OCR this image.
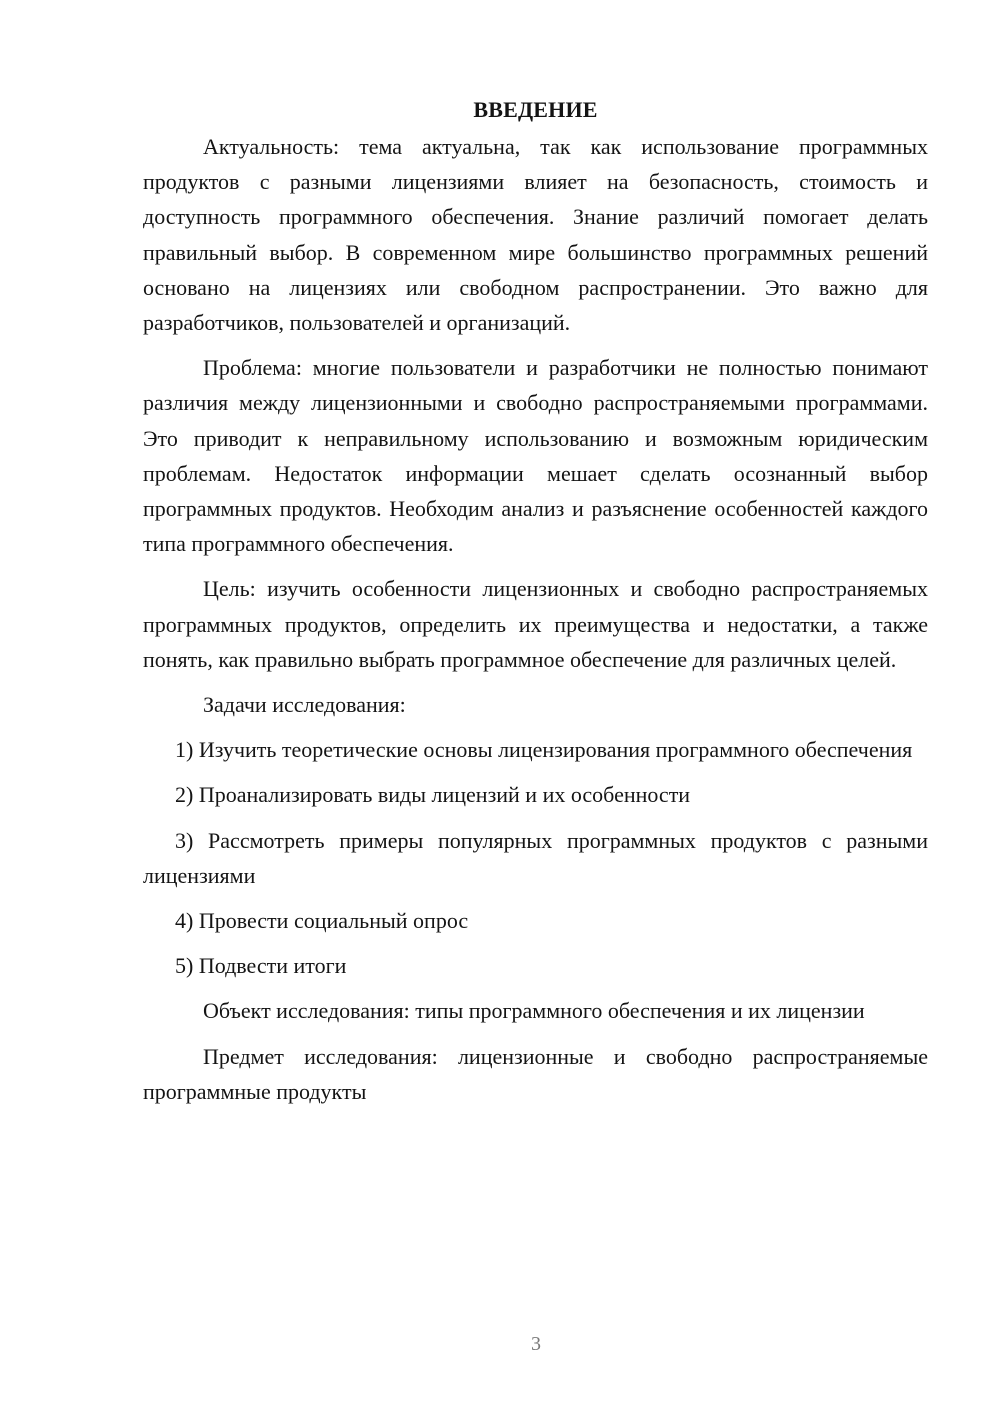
ВВЕДЕНИЕ

Актуальность: тема актуальна, так как использование программных продуктов с разными лицензиями влияет на безопасность, стоимость и доступность программного обеспечения. Знание различий помогает делать правильный выбор. В современном мире большинство программных решений основано на лицензиях или свободном распространении. Это важно для разработчиков, пользователей и организаций.

Проблема: многие пользователи и разработчики не полностью понимают различия между лицензионными и свободно распространяемыми программами. Это приводит к неправильному использованию и возможным юридическим проблемам. Недостаток информации мешает сделать осознанный выбор программных продуктов. Необходим анализ и разъяснение особенностей каждого типа программного обеспечения.

Цель: изучить особенности лицензионных и свободно распространяемых программных продуктов, определить их преимущества и недостатки, а также понять, как правильно выбрать программное обеспечение для различных целей.

Задачи исследования:

1) Изучить теоретические основы лицензирования программного обеспечения

2) Проанализировать виды лицензий и их особенности

3) Рассмотреть примеры популярных программных продуктов с разными лицензиями

4) Провести социальный опрос

5) Подвести итоги

Объект исследования: типы программного обеспечения и их лицензии

Предмет исследования: лицензионные и свободно распространяемые программные продукты

3
